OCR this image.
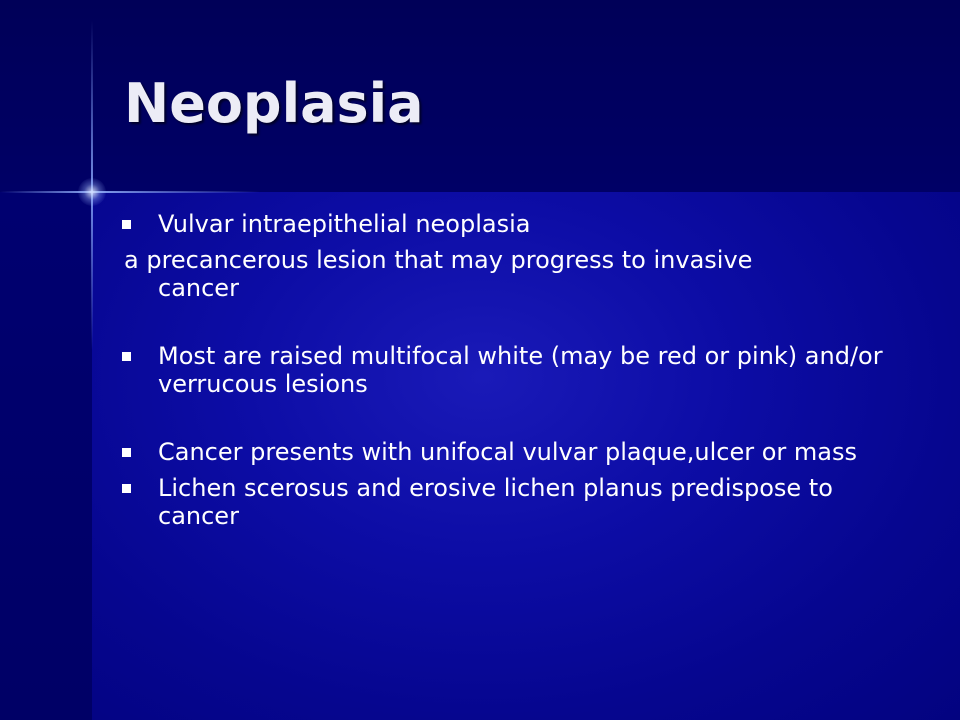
Neoplasia

Vulvar intraepithelial neoplasia

a precancerous lesion that may progress to invasive
cancer

Most are raised multifocal white (may be red or pink) and/or verrucous lesions

Cancer presents with unifocal vulvar plaque,ulcer or mass

Lichen scerosus and erosive lichen planus predispose to cancer
